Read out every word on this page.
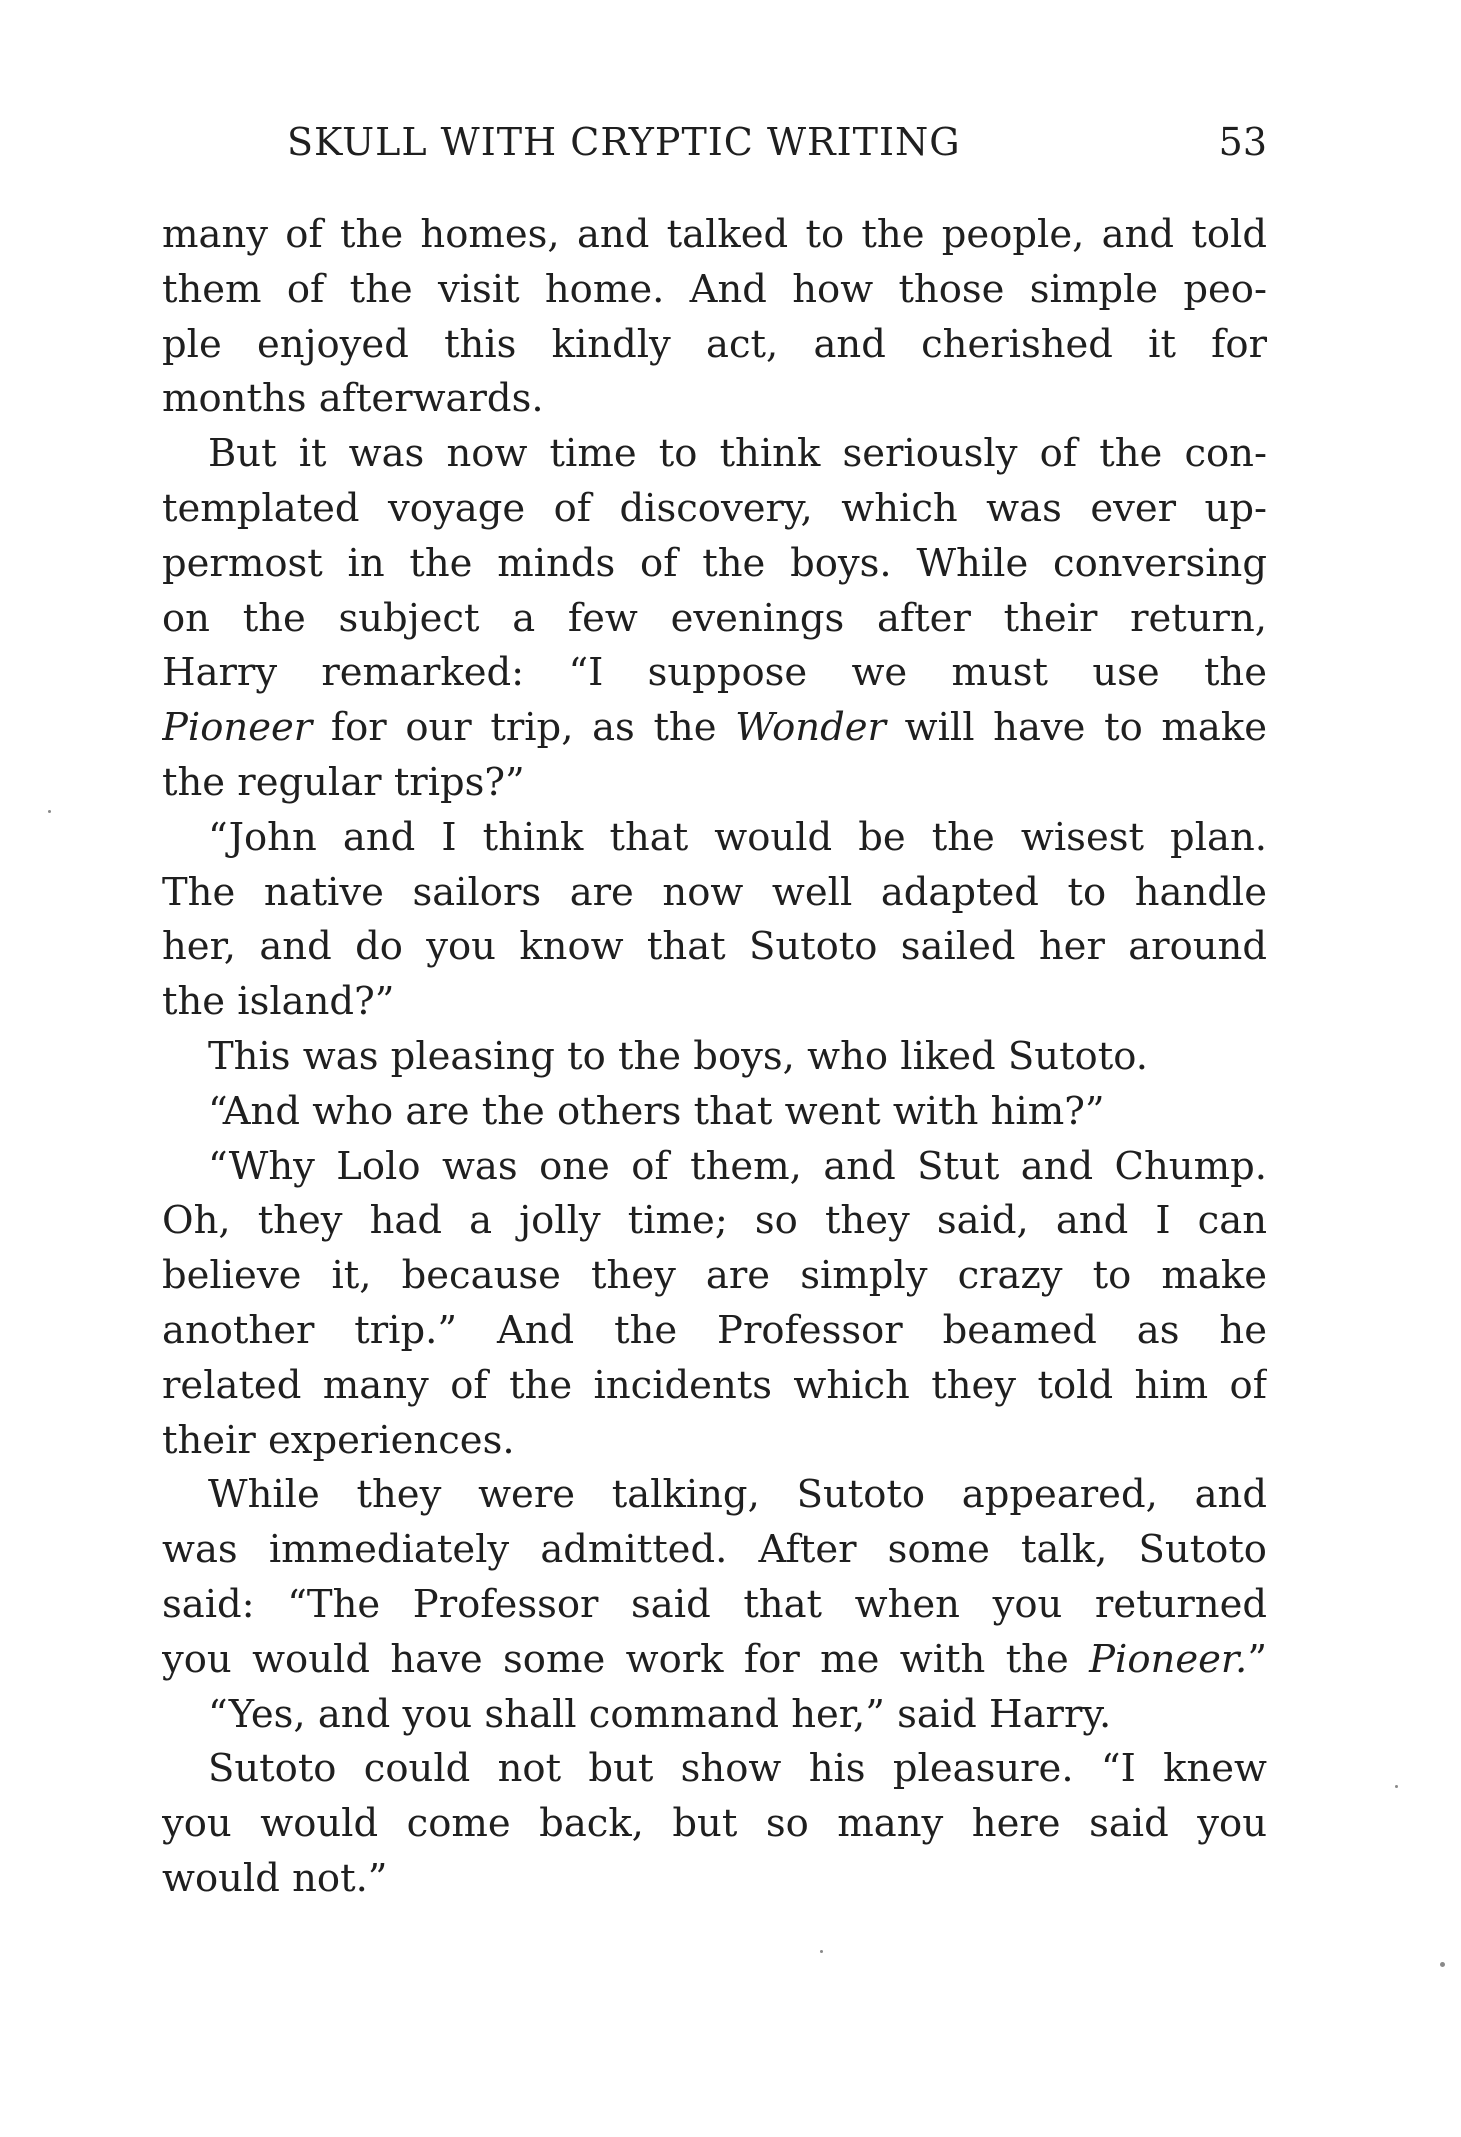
SKULL WITH CRYPTIC WRITING	53
many of the homes, and talked to the people, and told
them of the visit home. And how those simple peo-
ple enjoyed this kindly act, and cherished it for
months afterwards.
But it was now time to think seriously of the con-
templated voyage of discovery, which was ever up-
permost in the minds of the boys. While conversing
on the subject a few evenings after their return,
Harry remarked: “I suppose we must use the
Pioneer for our trip, as the Wonder will have to make
the regular trips?”
“John and I think that would be the wisest plan.
The native sailors are now well adapted to handle
her, and do you know that Sutoto sailed her around
the island?”
This was pleasing to the boys, who liked Sutoto.
“And who are the others that went with him?”
“Why Lolo was one of them, and Stut and Chump.
Oh, they had a jolly time; so they said, and I can
believe it, because they are simply crazy to make
another trip.” And the Professor beamed as he
related many of the incidents which they told him of
their experiences.
While they were talking, Sutoto appeared, and
was immediately admitted. After some talk, Sutoto
said: “The Professor said that when you returned
you would have some work for me with the Pioneer.”
“Yes, and you shall command her,” said Harry.
Sutoto could not but show his pleasure. “I knew
you would come back, but so many here said you
would not.”
